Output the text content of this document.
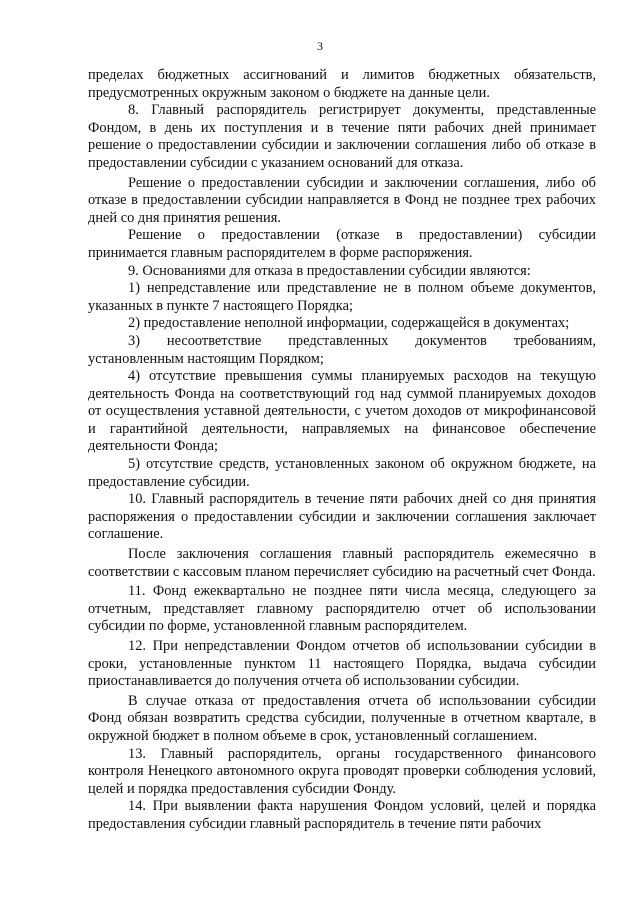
3

пределах бюджетных ассигнований и лимитов бюджетных обязательств, предусмотренных окружным законом о бюджете на данные цели.

8. Главный распорядитель регистрирует документы, представленные Фондом, в день их поступления и в течение пяти рабочих дней принимает решение о предоставлении субсидии и заключении соглашения либо об отказе в предоставлении субсидии с указанием оснований для отказа.

Решение о предоставлении субсидии и заключении соглашения, либо об отказе в предоставлении субсидии направляется в Фонд не позднее трех рабочих дней со дня принятия решения.

Решение о предоставлении (отказе в предоставлении) субсидии принимается главным распорядителем в форме распоряжения.

9. Основаниями для отказа в предоставлении субсидии являются:

1) непредставление или представление не в полном объеме документов, указанных в пункте 7 настоящего Порядка;

2) предоставление неполной информации, содержащейся в документах;

3) несоответствие представленных документов требованиям, установленным настоящим Порядком;

4) отсутствие превышения суммы планируемых расходов на текущую деятельность Фонда на соответствующий год над суммой планируемых доходов от осуществления уставной деятельности, с учетом доходов от микрофинансовой и гарантийной деятельности, направляемых на финансовое обеспечение деятельности Фонда;

5) отсутствие средств, установленных законом об окружном бюджете, на предоставление субсидии.

10. Главный распорядитель в течение пяти рабочих дней со дня принятия распоряжения о предоставлении субсидии и заключении соглашения заключает соглашение.

После заключения соглашения главный распорядитель ежемесячно в соответствии с кассовым планом перечисляет субсидию на расчетный счет Фонда.

11. Фонд ежеквартально не позднее пяти числа месяца, следующего за отчетным, представляет главному распорядителю отчет об использовании субсидии по форме, установленной главным распорядителем.

12. При непредставлении Фондом отчетов об использовании субсидии в сроки, установленные пунктом 11 настоящего Порядка, выдача субсидии приостанавливается до получения отчета об использовании субсидии.

В случае отказа от предоставления отчета об использовании субсидии Фонд обязан возвратить средства субсидии, полученные в отчетном квартале, в окружной бюджет в полном объеме в срок, установленный соглашением.

13. Главный распорядитель, органы государственного финансового контроля Ненецкого автономного округа проводят проверки соблюдения условий, целей и порядка предоставления субсидии Фонду.

14. При выявлении факта нарушения Фондом условий, целей и порядка предоставления субсидии главный распорядитель в течение пяти рабочих
